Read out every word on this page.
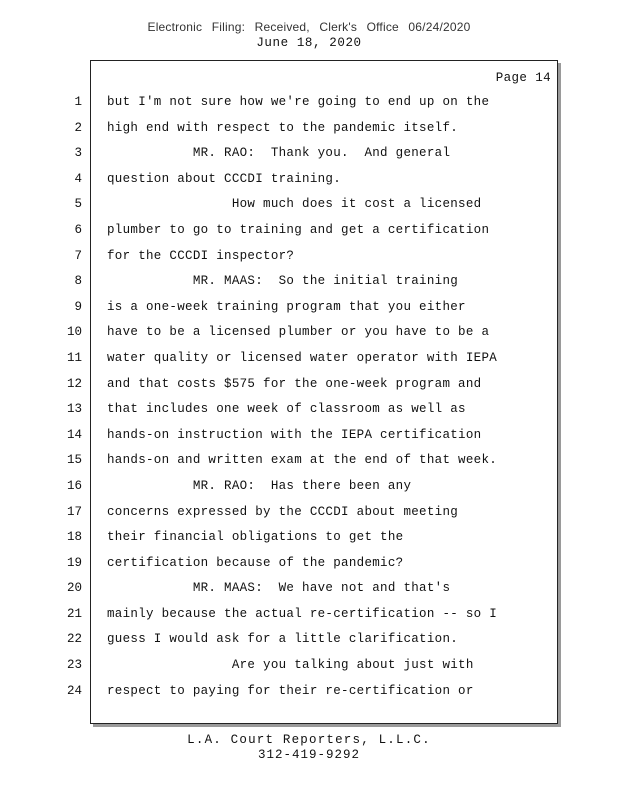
Electronic Filing: Received, Clerk's Office 06/24/2020
June 18, 2020
Page 14
1
2
3
4
5
6
7
8
9
10
11
12
13
14
15
16
17
18
19
20
21
22
23
24
but I'm not sure how we're going to end up on the
high end with respect to the pandemic itself.
MR. RAO:  Thank you.  And general
question about CCCDI training.
How much does it cost a licensed
plumber to go to training and get a certification
for the CCCDI inspector?
MR. MAAS:  So the initial training
is a one-week training program that you either
have to be a licensed plumber or you have to be a
water quality or licensed water operator with IEPA
and that costs $575 for the one-week program and
that includes one week of classroom as well as
hands-on instruction with the IEPA certification
hands-on and written exam at the end of that week.
MR. RAO:  Has there been any
concerns expressed by the CCCDI about meeting
their financial obligations to get the
certification because of the pandemic?
MR. MAAS:  We have not and that's
mainly because the actual re-certification -- so I
guess I would ask for a little clarification.
Are you talking about just with
respect to paying for their re-certification or
L.A. Court Reporters, L.L.C.
312-419-9292
